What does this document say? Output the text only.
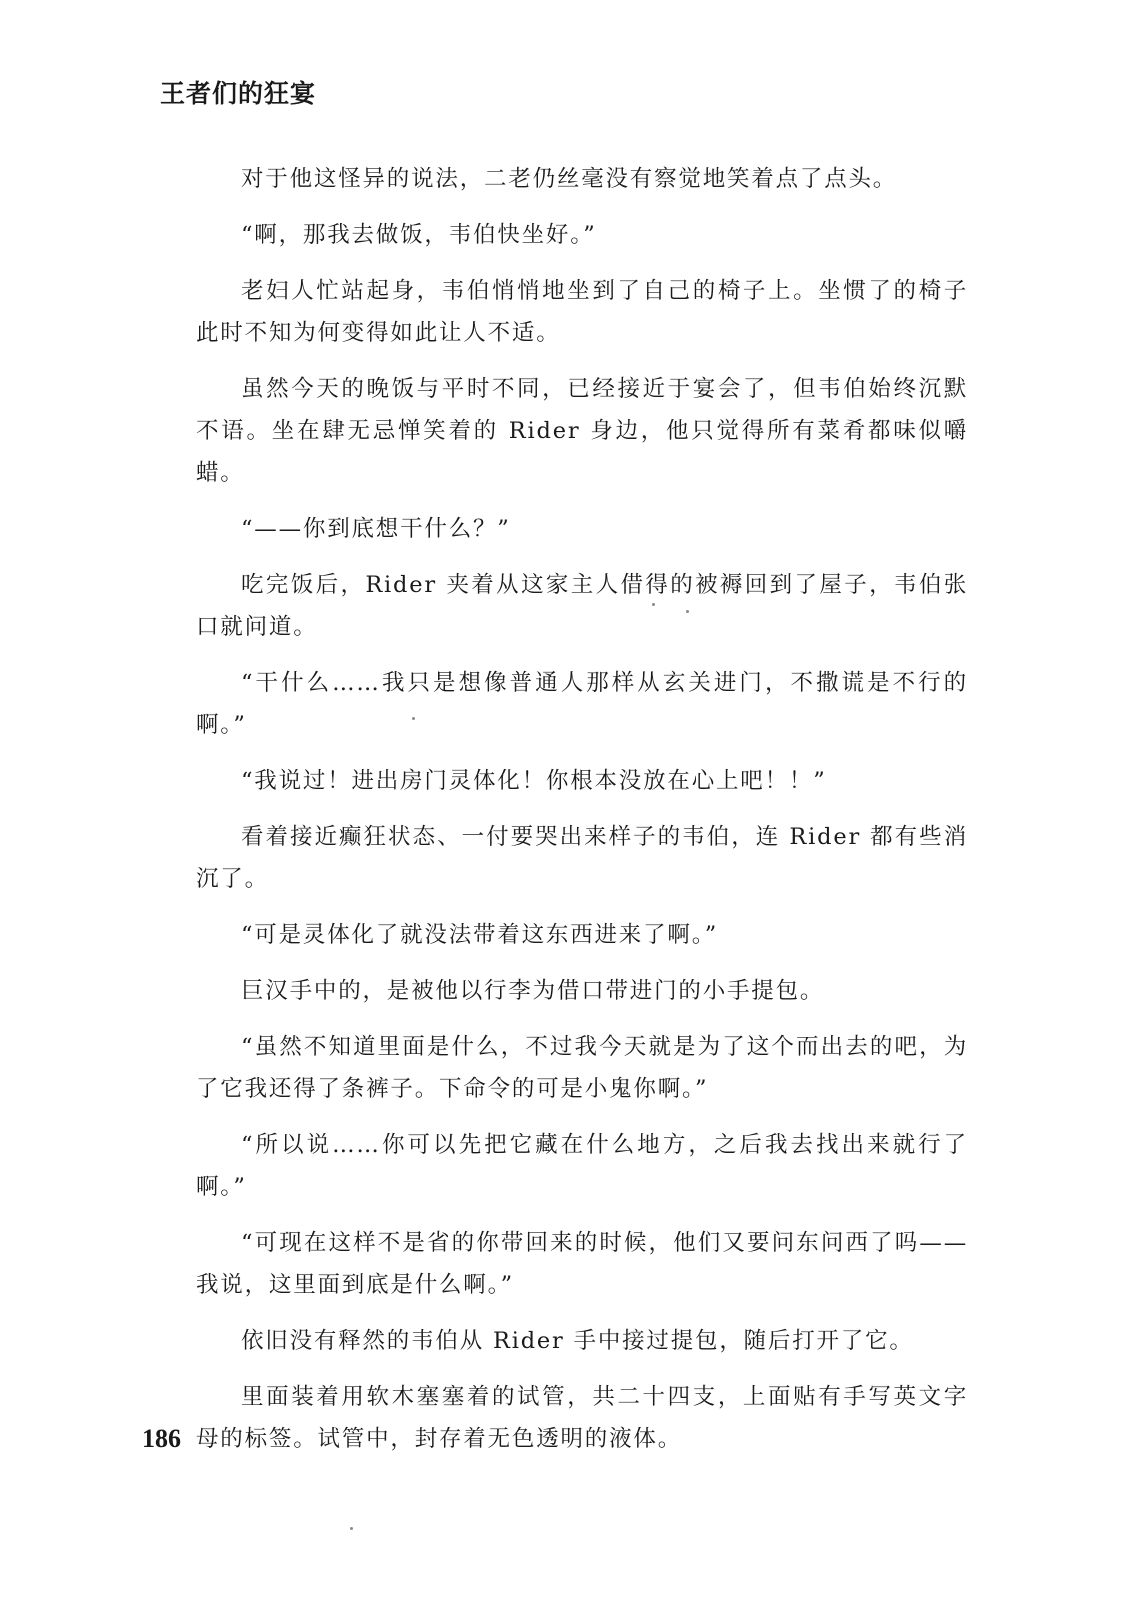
王者们的狂宴

对于他这怪异的说法，二老仍丝毫没有察觉地笑着点了点头。

“啊，那我去做饭，韦伯快坐好。”

老妇人忙站起身，韦伯悄悄地坐到了自己的椅子上。坐惯了的椅子此时不知为何变得如此让人不适。

虽然今天的晚饭与平时不同，已经接近于宴会了，但韦伯始终沉默不语。坐在肆无忌惮笑着的 Rider 身边，他只觉得所有菜肴都味似嚼蜡。

“——你到底想干什么？”

吃完饭后，Rider 夹着从这家主人借得的被褥回到了屋子，韦伯张口就问道。

“干什么……我只是想像普通人那样从玄关进门，不撒谎是不行的啊。”

“我说过！进出房门灵体化！你根本没放在心上吧！！”

看着接近癫狂状态、一付要哭出来样子的韦伯，连 Rider 都有些消沉了。

“可是灵体化了就没法带着这东西进来了啊。”

巨汉手中的，是被他以行李为借口带进门的小手提包。

“虽然不知道里面是什么，不过我今天就是为了这个而出去的吧，为了它我还得了条裤子。下命令的可是小鬼你啊。”

“所以说……你可以先把它藏在什么地方，之后我去找出来就行了啊。”

“可现在这样不是省的你带回来的时候，他们又要问东问西了吗——我说，这里面到底是什么啊。”

依旧没有释然的韦伯从 Rider 手中接过提包，随后打开了它。

里面装着用软木塞塞着的试管，共二十四支，上面贴有手写英文字母的标签。试管中，封存着无色透明的液体。

186
